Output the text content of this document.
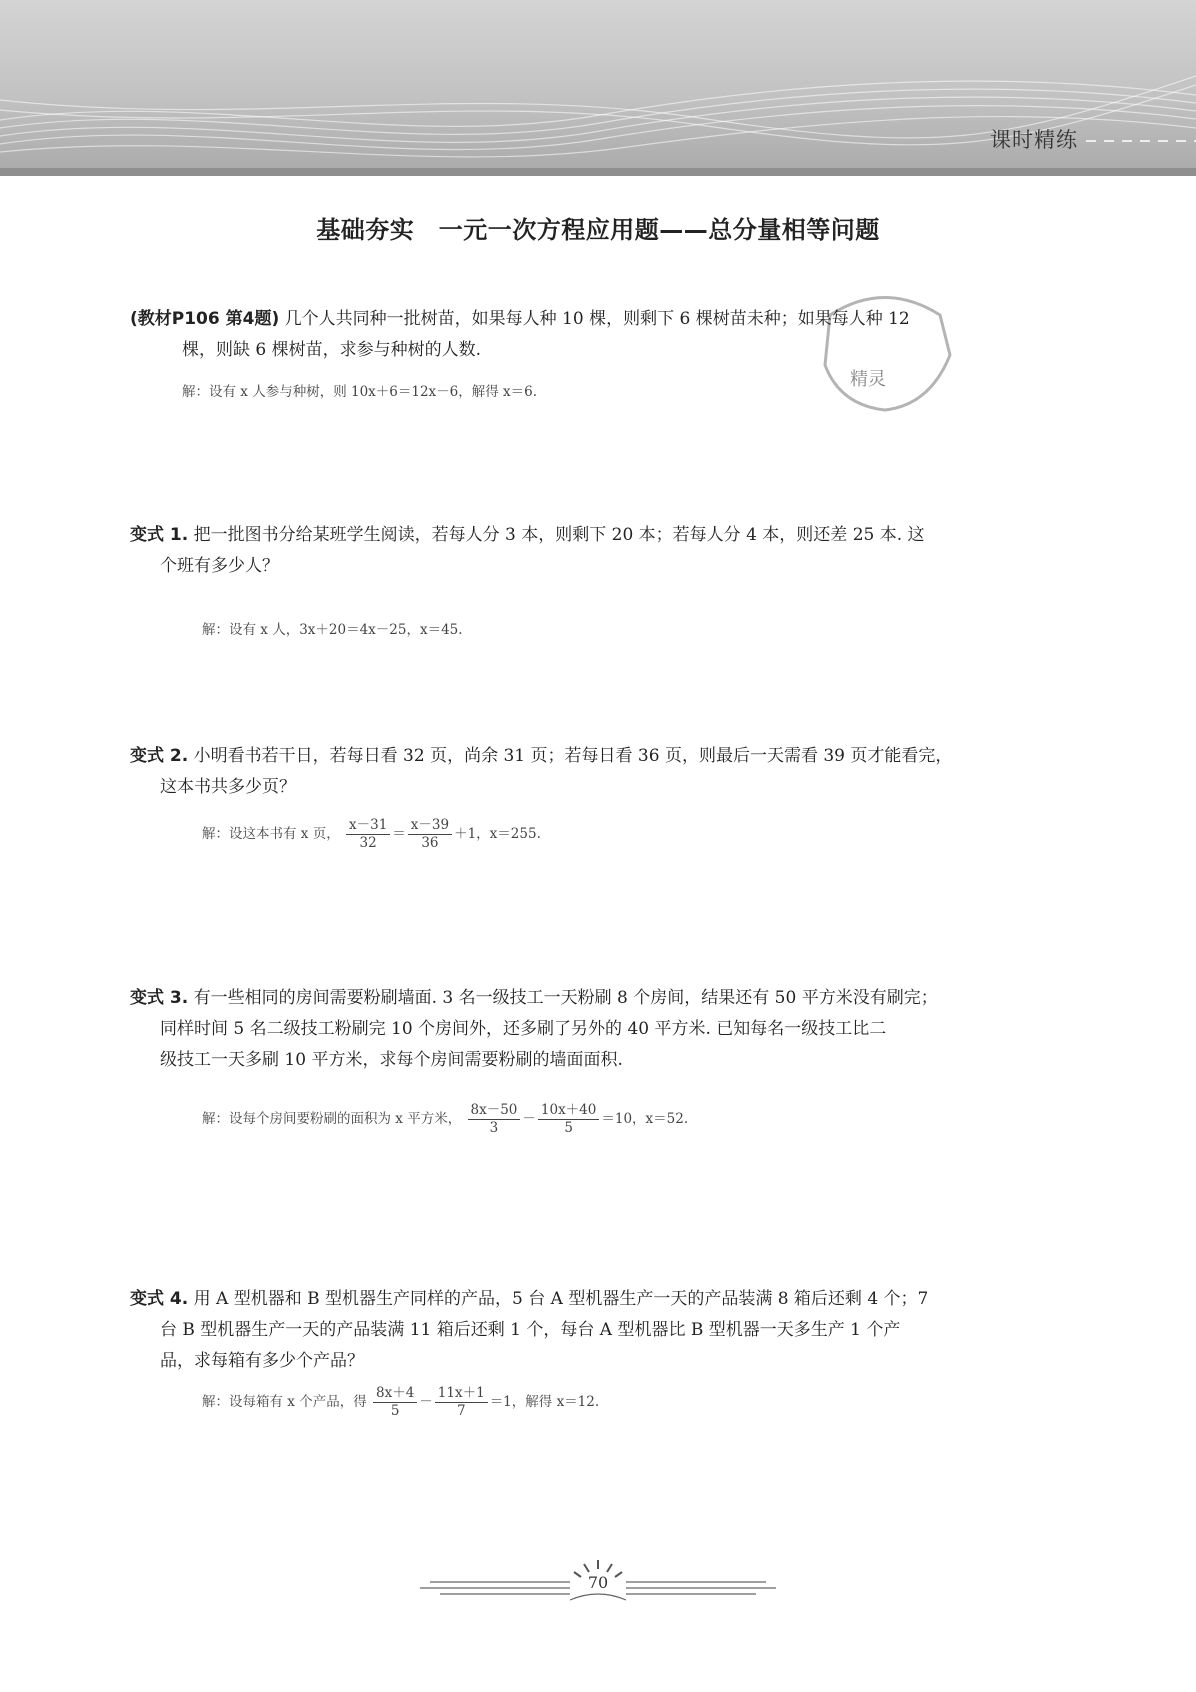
课时精练
基础夯实　一元一次方程应用题——总分量相等问题
精灵
(教材P106 第4题) 几个人共同种一批树苗，如果每人种 10 棵，则剩下 6 棵树苗未种；如果每人种 12
棵，则缺 6 棵树苗，求参与种树的人数.
解：设有 x 人参与种树，则 10x＋6＝12x－6，解得 x＝6.
变式 1. 把一批图书分给某班学生阅读，若每人分 3 本，则剩下 20 本；若每人分 4 本，则还差 25 本. 这
个班有多少人？
解：设有 x 人，3x＋20＝4x－25，x＝45.
变式 2. 小明看书若干日，若每日看 32 页，尚余 31 页；若每日看 36 页，则最后一天需看 39 页才能看完，
这本书共多少页？
解：设这本书有 x 页， $\frac{x-31}{32} = \frac{x-39}{36} +1$，x＝255.
变式 3. 有一些相同的房间需要粉刷墙面. 3 名一级技工一天粉刷 8 个房间，结果还有 50 平方米没有刷完；
同样时间 5 名二级技工粉刷完 10 个房间外，还多刷了另外的 40 平方米. 已知每名一级技工比二
级技工一天多刷 10 平方米，求每个房间需要粉刷的墙面面积.
解：设每个房间要粉刷的面积为 x 平方米， $\frac{8x-50}{3} - \frac{10x+40}{5} =10$，x＝52.
变式 4. 用 A 型机器和 B 型机器生产同样的产品，5 台 A 型机器生产一天的产品装满 8 箱后还剩 4 个；7
台 B 型机器生产一天的产品装满 11 箱后还剩 1 个，每台 A 型机器比 B 型机器一天多生产 1 个产
品，求每箱有多少个产品？
解：设每箱有 x 个产品，得 $\frac{8x+4}{5} - \frac{11x+1}{7} =1$，解得 x＝12.
70
